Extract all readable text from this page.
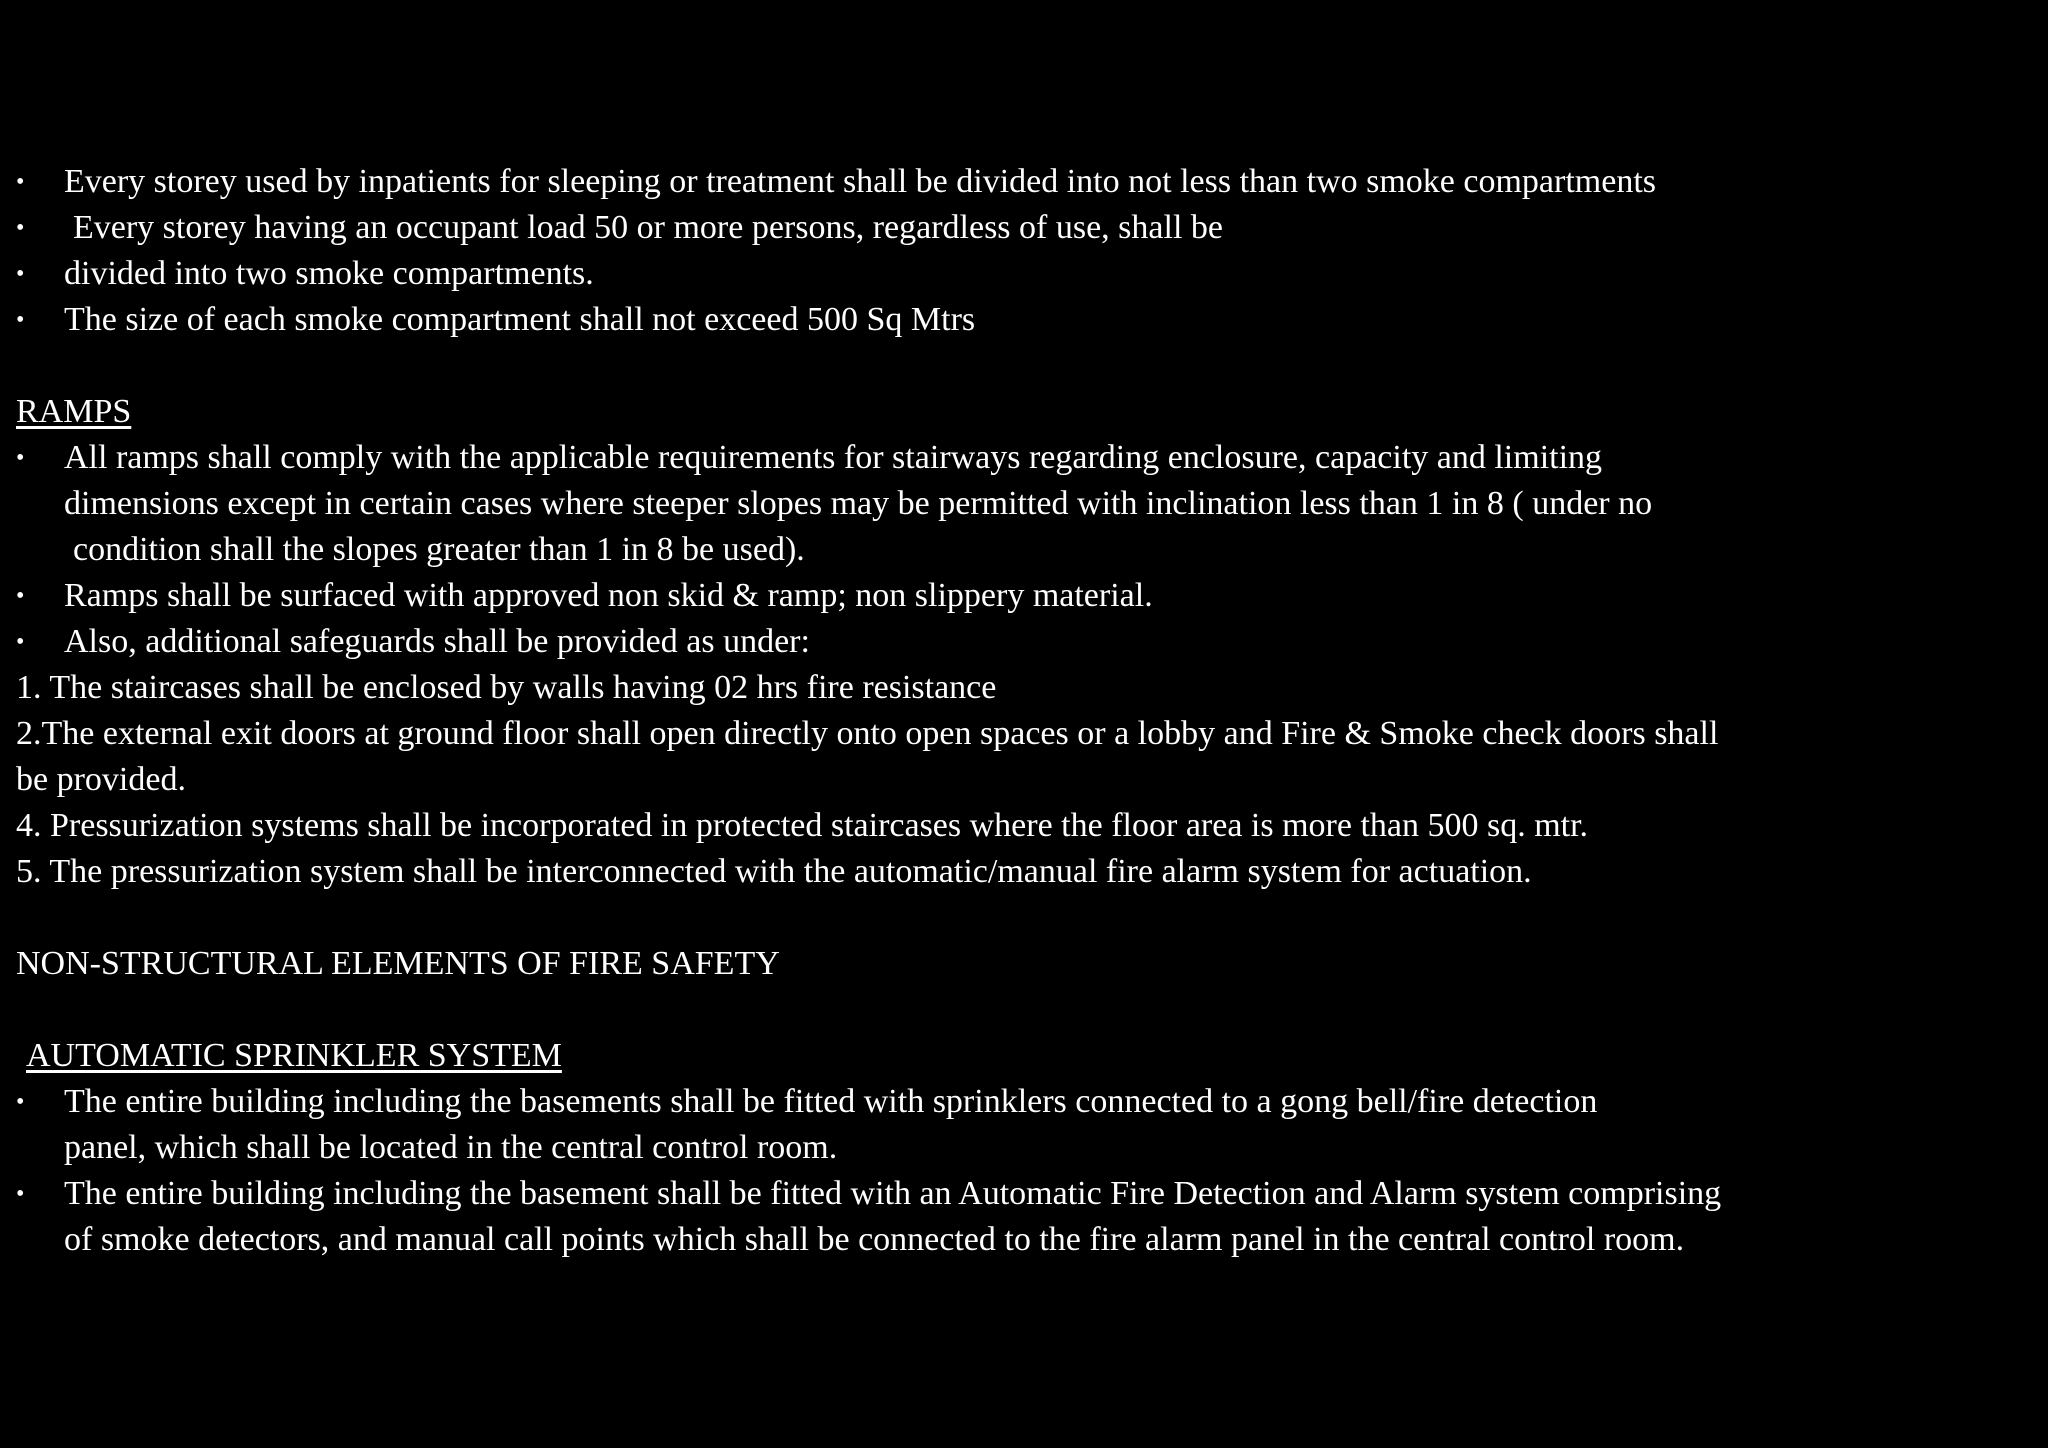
• Every storey used by inpatients for sleeping or treatment shall be divided into not less than two smoke compartments
• Every storey having an occupant load 50 or more persons, regardless of use, shall be
• divided into two smoke compartments.
• The size of each smoke compartment shall not exceed 500 Sq Mtrs
RAMPS
• All ramps shall comply with the applicable requirements for stairways regarding enclosure, capacity and limiting
dimensions except in certain cases where steeper slopes may be permitted with inclination less than 1 in 8 ( under no
condition shall the slopes greater than 1 in 8 be used).
• Ramps shall be surfaced with approved non skid & ramp; non slippery material.
• Also, additional safeguards shall be provided as under:
1. The staircases shall be enclosed by walls having 02 hrs fire resistance
2.The external exit doors at ground floor shall open directly onto open spaces or a lobby and Fire & Smoke check doors shall
be provided.
4. Pressurization systems shall be incorporated in protected staircases where the floor area is more than 500 sq. mtr.
5. The pressurization system shall be interconnected with the automatic/manual fire alarm system for actuation.
NON-STRUCTURAL ELEMENTS OF FIRE SAFETY
AUTOMATIC SPRINKLER SYSTEM
• The entire building including the basements shall be fitted with sprinklers connected to a gong bell/fire detection
panel, which shall be located in the central control room.
• The entire building including the basement shall be fitted with an Automatic Fire Detection and Alarm system comprising
of smoke detectors, and manual call points which shall be connected to the fire alarm panel in the central control room.
